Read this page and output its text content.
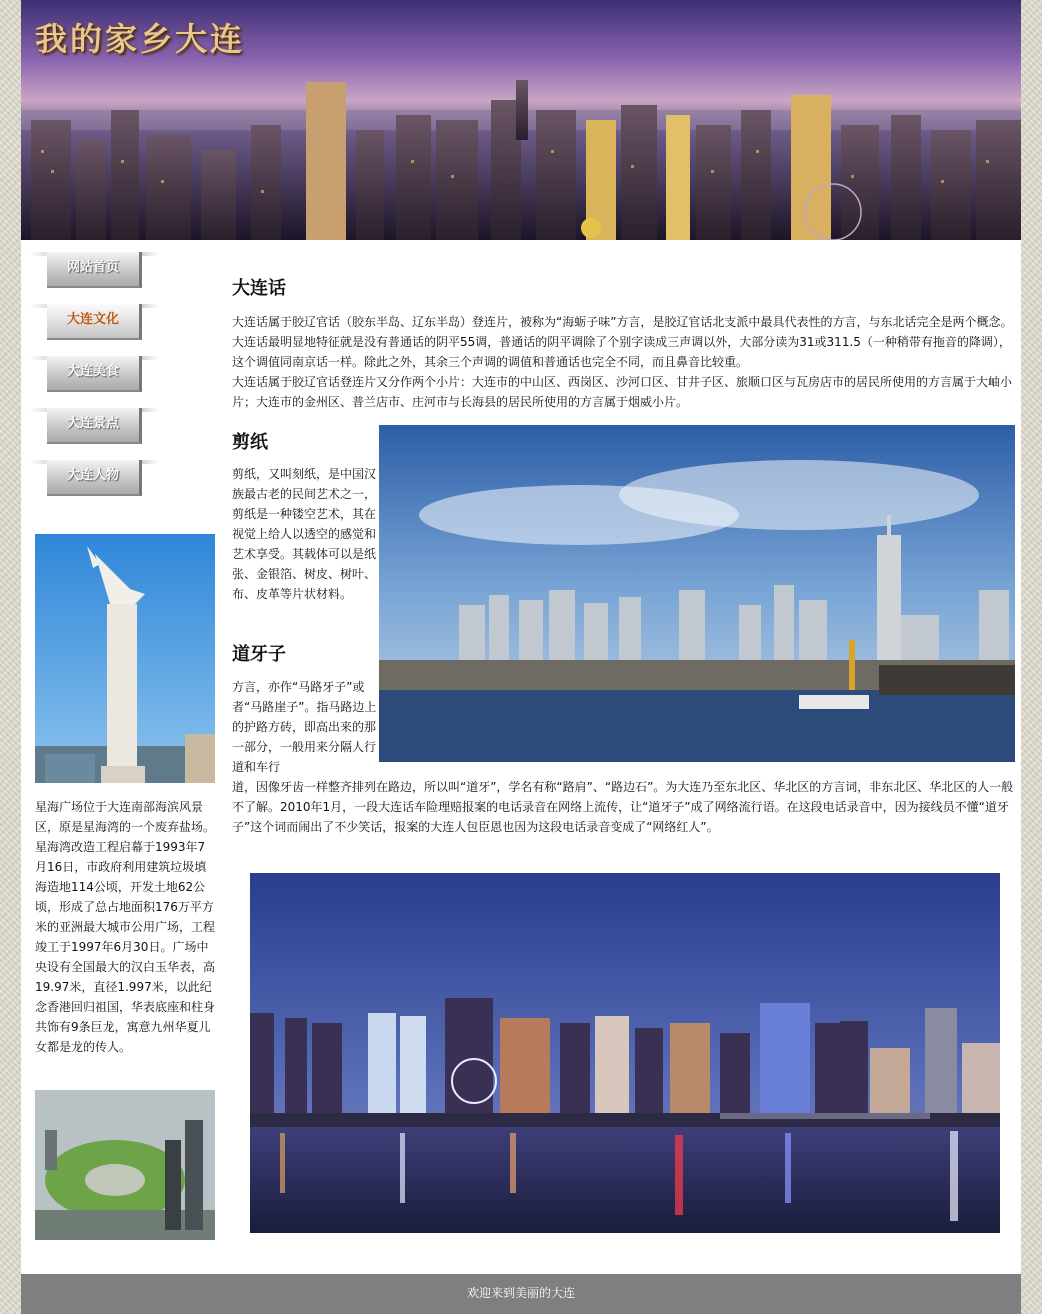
我的家乡大连
网站首页
大连文化
大连美食
大连景点
大连人物
星海广场位于大连南部海滨风景区，原是星海湾的一个废弃盐场。星海湾改造工程启幕于1993年7月16日，市政府利用建筑垃圾填海造地114公顷，开发土地62公顷，形成了总占地面积176万平方米的亚洲最大城市公用广场，工程竣工于1997年6月30日。广场中央设有全国最大的汉白玉华表，高19.97米，直径1.997米，以此纪念香港回归祖国，华表底座和柱身共饰有9条巨龙，寓意九州华夏儿女都是龙的传人。
大连话

大连话属于胶辽官话（胶东半岛、辽东半岛）登连片，被称为“海蛎子味”方言，是胶辽官话北支派中最具代表性的方言，与东北话完全是两个概念。 大连话最明显地特征就是没有普通话的阴平55调，普通话的阴平调除了个别字读成三声调以外，大部分读为31或311.5（一种稍带有拖音的降调），这个调值同南京话一样。除此之外，其余三个声调的调值和普通话也完全不同，而且鼻音比较重。

大连话属于胶辽官话登连片又分作两个小片：大连市的中山区、西岗区、沙河口区、甘井子区、旅顺口区与瓦房店市的居民所使用的方言属于大岫小片；大连市的金州区、普兰店市、庄河市与长海县的居民所使用的方言属于烟威小片。

剪纸

剪纸，又叫刻纸，是中国汉族最古老的民间艺术之一，剪纸是一种镂空艺术，其在视觉上给人以透空的感觉和艺术享受。其载体可以是纸张、金银箔、树皮、树叶、布、皮革等片状材料。

道牙子

方言，亦作“马路牙子”或者“马路崖子”。指马路边上的护路方砖，即高出来的那一部分，一般用来分隔人行道和车行

道，因像牙齿一样整齐排列在路边，所以叫“道牙”，学名有称“路肩”、“路边石”。为大连乃至东北区、华北区的方言词，非东北区、华北区的人一般不了解。2010年1月，一段大连话车险理赔报案的电话录音在网络上流传，让“道牙子”成了网络流行语。在这段电话录音中，因为接线员不懂“道牙子”这个词而闹出了不少笑话，报案的大连人包臣恩也因为这段电话录音变成了“网络红人”。

欢迎来到美丽的大连
